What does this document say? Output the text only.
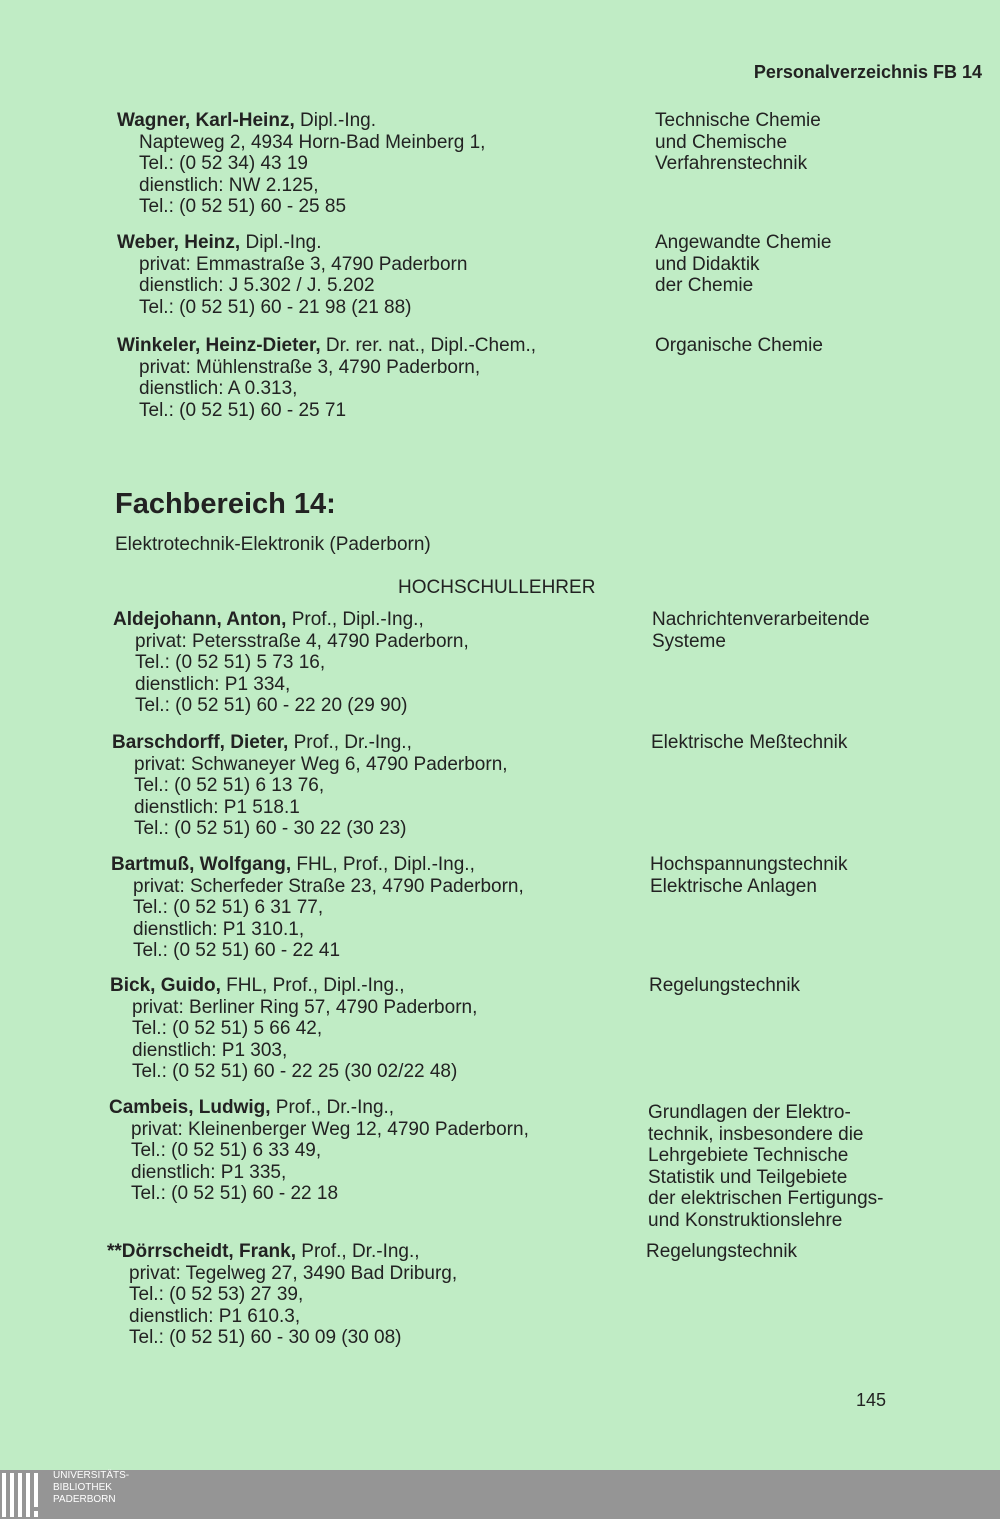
Personalverzeichnis FB 14
Wagner, Karl-Heinz, Dipl.-Ing.
Napteweg 2, 4934 Horn-Bad Meinberg 1,
Tel.: (0 52 34) 43 19
dienstlich: NW 2.125,
Tel.: (0 52 51) 60 - 25 85
Technische Chemie
und Chemische
Verfahrenstechnik
Weber, Heinz, Dipl.-Ing.
privat: Emmastraße 3, 4790 Paderborn
dienstlich: J 5.302 / J. 5.202
Tel.: (0 52 51) 60 - 21 98 (21 88)
Angewandte Chemie
und Didaktik
der Chemie
Winkeler, Heinz-Dieter, Dr. rer. nat., Dipl.-Chem.,
privat: Mühlenstraße 3, 4790 Paderborn,
dienstlich: A 0.313,
Tel.: (0 52 51) 60 - 25 71
Organische Chemie
Fachbereich 14:
Elektrotechnik-Elektronik (Paderborn)
HOCHSCHULLEHRER
Aldejohann, Anton, Prof., Dipl.-Ing.,
privat: Petersstraße 4, 4790 Paderborn,
Tel.: (0 52 51) 5 73 16,
dienstlich: P1 334,
Tel.: (0 52 51) 60 - 22 20 (29 90)
Nachrichtenverarbeitende
Systeme
Barschdorff, Dieter, Prof., Dr.-Ing.,
privat: Schwaneyer Weg 6, 4790 Paderborn,
Tel.: (0 52 51) 6 13 76,
dienstlich: P1 518.1
Tel.: (0 52 51) 60 - 30 22 (30 23)
Elektrische Meßtechnik
Bartmuß, Wolfgang, FHL, Prof., Dipl.-Ing.,
privat: Scherfeder Straße 23, 4790 Paderborn,
Tel.: (0 52 51) 6 31 77,
dienstlich: P1 310.1,
Tel.: (0 52 51) 60 - 22 41
Hochspannungstechnik
Elektrische Anlagen
Bick, Guido, FHL, Prof., Dipl.-Ing.,
privat: Berliner Ring 57, 4790 Paderborn,
Tel.: (0 52 51) 5 66 42,
dienstlich: P1 303,
Tel.: (0 52 51) 60 - 22 25 (30 02/22 48)
Regelungstechnik
Cambeis, Ludwig, Prof., Dr.-Ing.,
privat: Kleinenberger Weg 12, 4790 Paderborn,
Tel.: (0 52 51) 6 33 49,
dienstlich: P1 335,
Tel.: (0 52 51) 60 - 22 18
Grundlagen der Elektro-
technik, insbesondere die
Lehrgebiete Technische
Statistik und Teilgebiete
der elektrischen Fertigungs-
und Konstruktionslehre
**Dörrscheidt, Frank, Prof., Dr.-Ing.,
privat: Tegelweg 27, 3490 Bad Driburg,
Tel.: (0 52 53) 27 39,
dienstlich: P1 610.3,
Tel.: (0 52 51) 60 - 30 09 (30 08)
Regelungstechnik
145
UNIVERSITÄTS-
BIBLIOTHEK
PADERBORN
